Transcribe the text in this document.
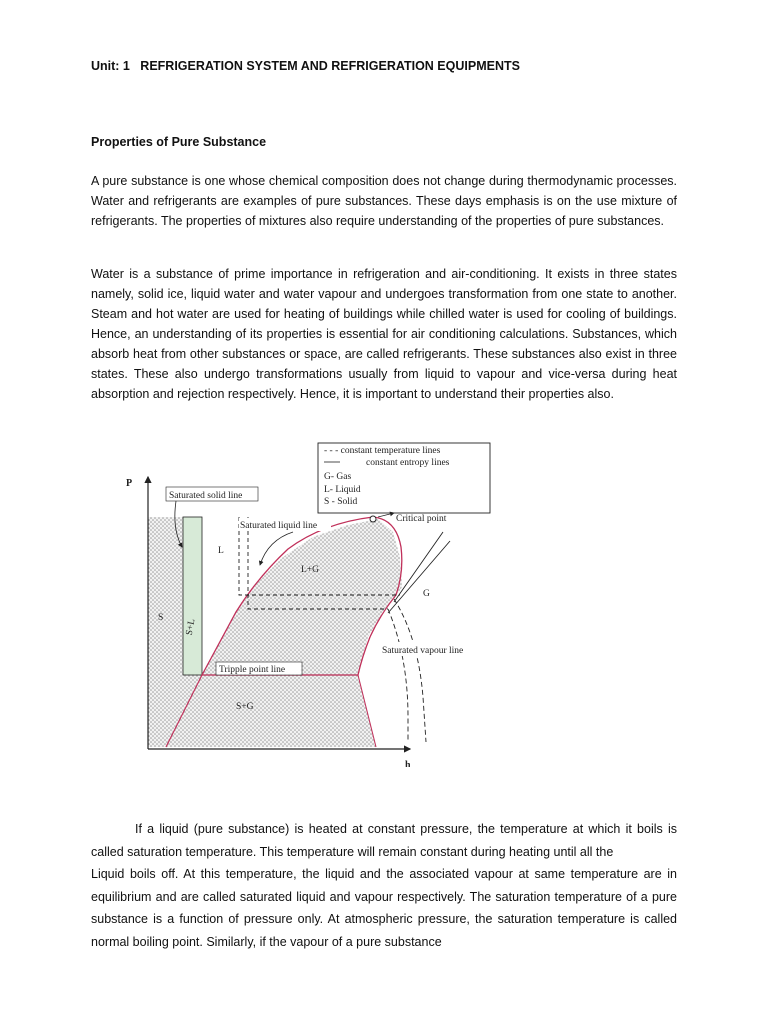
Unit: 1   REFRIGERATION SYSTEM AND REFRIGERATION EQUIPMENTS
Properties of Pure Substance
A pure substance is one whose chemical composition does not change during thermodynamic processes. Water and refrigerants are examples of pure substances. These days emphasis is on the use mixture of refrigerants. The properties of mixtures also require understanding of the properties of pure substances.
Water is a substance of prime importance in refrigeration and air-conditioning. It exists in three states namely, solid ice, liquid water and water vapour and undergoes transformation from one state to another. Steam and hot water are used for heating of buildings while chilled water is used for cooling of buildings. Hence, an understanding of its properties is essential for air conditioning calculations. Substances, which absorb heat from other substances or space, are called refrigerants. These substances also exist in three states. These also undergo transformations usually from liquid to vapour and vice-versa during heat absorption and rejection respectively. Hence, it is important to understand their properties also.
P
h
- - - constant temperature lines
constant entropy lines
G- Gas
L- Liquid
S - Solid
Saturated solid line
Saturated liquid line
Critical point
Saturated vapour line
Tripple point line
L
L+G
S
S+L
S+G
G
If a liquid (pure substance) is heated at constant pressure, the temperature at which it boils is called saturation temperature. This temperature will remain constant during heating until all the
Liquid boils off. At this temperature, the liquid and the associated vapour at same temperature are in equilibrium and are called saturated liquid and vapour respectively. The saturation temperature of a pure substance is a function of pressure only. At atmospheric pressure, the saturation temperature is called normal boiling point. Similarly, if the vapour of a pure substance
